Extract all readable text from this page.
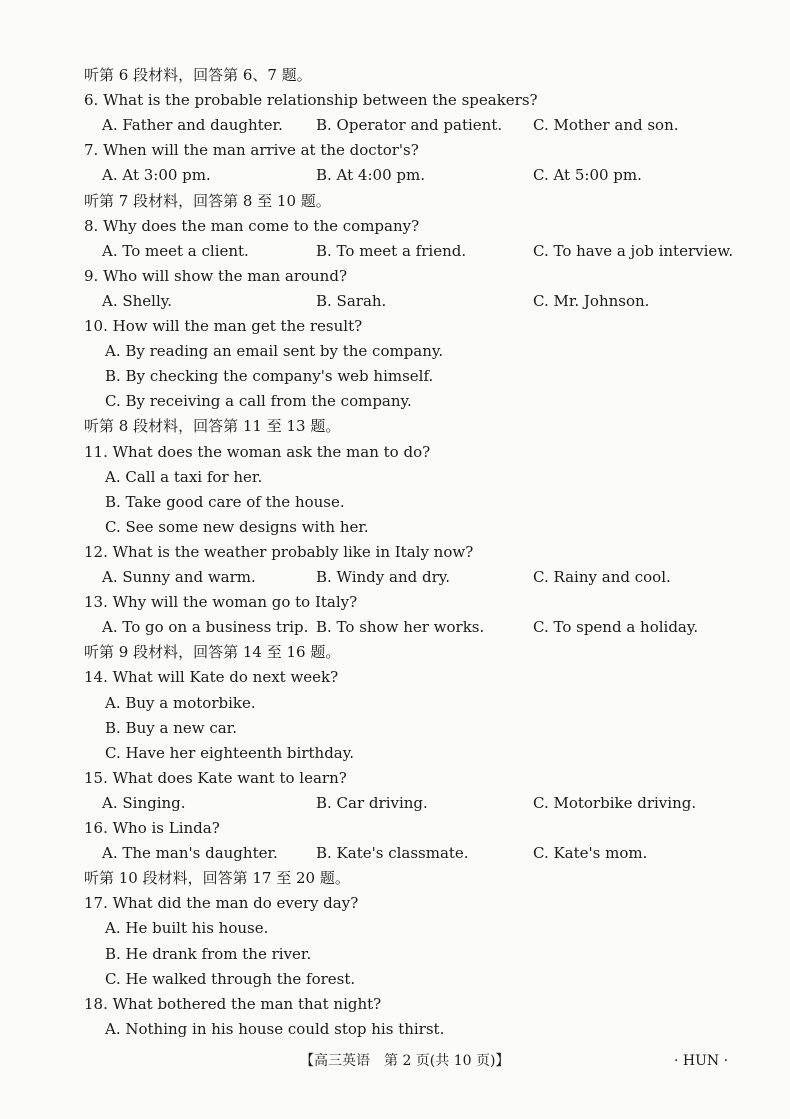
听第 6 段材料，回答第 6、7 题。
6. What is the probable relationship between the speakers?
A. Father and daughter. B. Operator and patient. C. Mother and son.
7. When will the man arrive at the doctor's?
A. At 3:00 pm.	B. At 4:00 pm.	C. At 5:00 pm.
听第 7 段材料，回答第 8 至 10 题。
8. Why does the man come to the company?
A. To meet a client.	B. To meet a friend.	C. To have a job interview.
9. Who will show the man around?
A. Shelly.	B. Sarah.	C. Mr. Johnson.
10. How will the man get the result?
A. By reading an email sent by the company.
B. By checking the company's web himself.
C. By receiving a call from the company.
听第 8 段材料，回答第 11 至 13 题。
11. What does the woman ask the man to do?
A. Call a taxi for her.
B. Take good care of the house.
C. See some new designs with her.
12. What is the weather probably like in Italy now?
A. Sunny and warm.	B. Windy and dry.	C. Rainy and cool.
13. Why will the woman go to Italy?
A. To go on a business trip. B. To show her works.	C. To spend a holiday.
听第 9 段材料，回答第 14 至 16 题。
14. What will Kate do next week?
A. Buy a motorbike.
B. Buy a new car.
C. Have her eighteenth birthday.
15. What does Kate want to learn?
A. Singing.	B. Car driving.	C. Motorbike driving.
16. Who is Linda?
A. The man's daughter.	B. Kate's classmate.	C. Kate's mom.
听第 10 段材料，回答第 17 至 20 题。
17. What did the man do every day?
A. He built his house.
B. He drank from the river.
C. He walked through the forest.
18. What bothered the man that night?
A. Nothing in his house could stop his thirst.
【高三英语　第 2 页(共 10 页)】	· HUN ·
